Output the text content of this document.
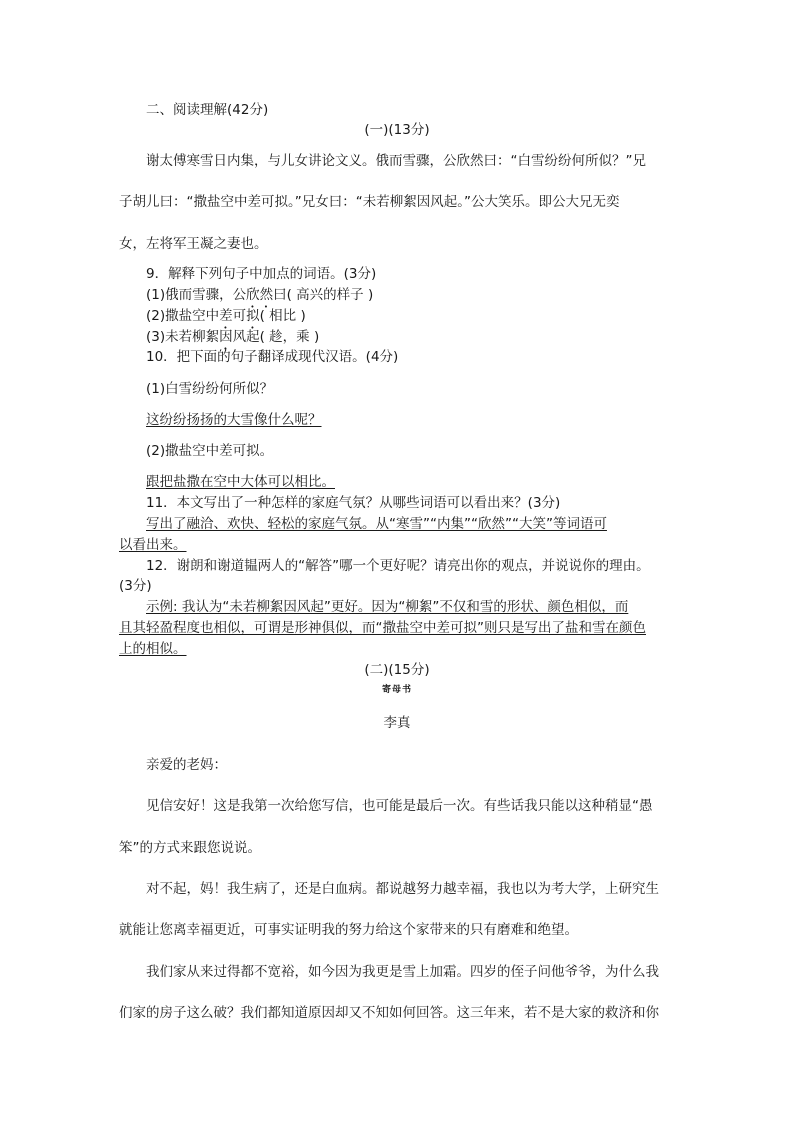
二、阅读理解(42分)
(一)(13分)
谢太傅寒雪日内集，与儿女讲论文义。俄而雪骤，公欣然曰：“白雪纷纷何所似？”兄
子胡儿曰：“撒盐空中差可拟。”兄女曰：“未若柳絮因风起。”公大笑乐。即公大兄无奕
女，左将军王凝之妻也。
9．解释下列句子中加点的词语。(3分)
(1)俄而雪骤，公欣然曰( 高兴的样子 )
(2)撒盐空中差可拟( 相比 )
(3)未若柳絮因风起( 趁，乘 )
10．把下面的句子翻译成现代汉语。(4分)
(1)白雪纷纷何所似？
这纷纷扬扬的大雪像什么呢？
(2)撒盐空中差可拟。
跟把盐撒在空中大体可以相比。
11．本文写出了一种怎样的家庭气氛？从哪些词语可以看出来？(3分)
写出了融洽、欢快、轻松的家庭气氛。从“寒雪”“内集”“欣然”“大笑”等词语可
以看出来。
12．谢朗和谢道韫两人的“解答”哪一个更好呢？请亮出你的观点，并说说你的理由。
(3分)
示例: 我认为“未若柳絮因风起”更好。因为“柳絮”不仅和雪的形状、颜色相似，而
且其轻盈程度也相似，可谓是形神俱似，而“撒盐空中差可拟”则只是写出了盐和雪在颜色
上的相似。
(二)(15分)
寄母书
李真
亲爱的老妈：
见信安好！这是我第一次给您写信，也可能是最后一次。有些话我只能以这种稍显“愚
笨”的方式来跟您说说。
对不起，妈！我生病了，还是白血病。都说越努力越幸福，我也以为考大学，上研究生
就能让您离幸福更近，可事实证明我的努力给这个家带来的只有磨难和绝望。
我们家从来过得都不宽裕，如今因为我更是雪上加霜。四岁的侄子问他爷爷，为什么我
们家的房子这么破？我们都知道原因却又不知如何回答。这三年来，若不是大家的救济和你
